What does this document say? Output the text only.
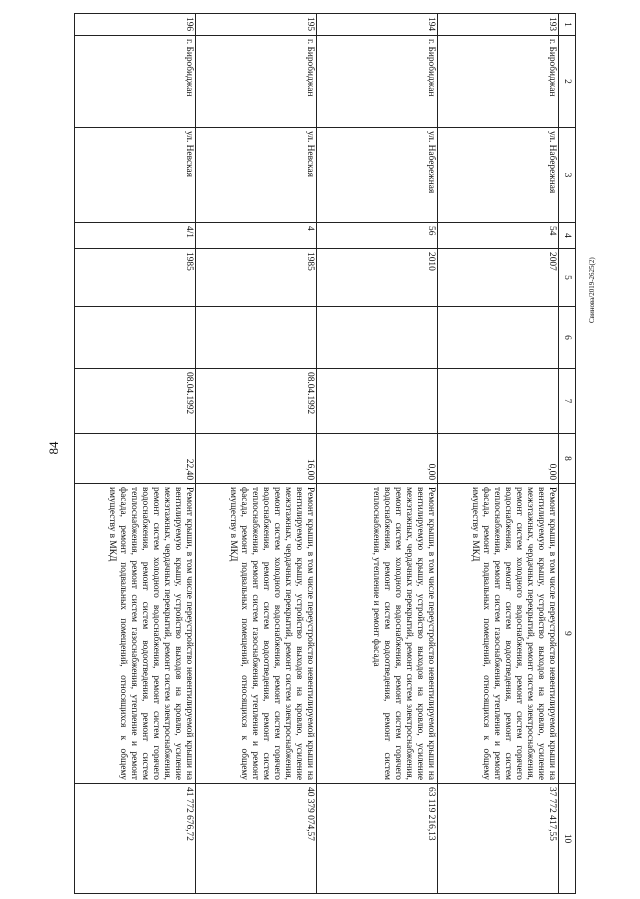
84
Свинова/2019-2625(2)
1	2	3	4	5	6	7	8	9	10
193	г. Биробиджан	ул. Набережная	54	2007			0,00	Ремонт крыши, в том числе переустройство невентилируемой крыши на вентилируемую крышу, устройство выходов на кровлю, усиление межэтажных, чердачных перекрытий, ремонт систем электроснабжения, ремонт систем холодного водоснабжения, ремонт систем горячего водоснабжения, ремонт систем водоотведения, ремонт систем теплоснабжения, ремонт систем газоснабжения, утепление и ремонт фасада, ремонт подвальных помещений, относящихся к общему имуществу в МКД	37 772 417,55
194	г. Биробиджан	ул. Набережная	56	2010			0,00	Ремонт крыши, в том числе переустройство невентилируемой крыши на вентилируемую крышу, устройство выходов на кровлю, усиление межэтажных, чердачных перекрытий, ремонт систем электроснабжения, ремонт систем холодного водоснабжения, ремонт систем горячего водоснабжения, ремонт систем водоотведения, ремонт систем теплоснабжения, утепление и ремонт фасада	63 119 216,13
195	г. Биробиджан	ул. Невская	4	1985		08.04.1992	16,00	Ремонт крыши, в том числе переустройство невентилируемой крыши на вентилируемую крышу, устройство выходов на кровлю, усиление межэтажных, чердачных перекрытий, ремонт систем электроснабжения, ремонт систем холодного водоснабжения, ремонт систем горячего водоснабжения, ремонт систем водоотведения, ремонт систем теплоснабжения, ремонт систем газоснабжения, утепление и ремонт фасада, ремонт подвальных помещений, относящихся к общему имуществу в МКД	40 379 074,57
196	г. Биробиджан	ул. Невская	4/1	1985		08.04.1992	22,40	Ремонт крыши, в том числе переустройство невентилируемой крыши на вентилируемую крышу, устройство выходов на кровлю, усиление межэтажных, чердачных перекрытий, ремонт систем электроснабжения, ремонт систем холодного водоснабжения, ремонт систем горячего водоснабжения, ремонт систем водоотведения, ремонт систем теплоснабжения, ремонт систем газоснабжения, утепление и ремонт фасада, ремонт подвальных помещений, относящихся к общему имуществу в МКД	41 772 676,72
